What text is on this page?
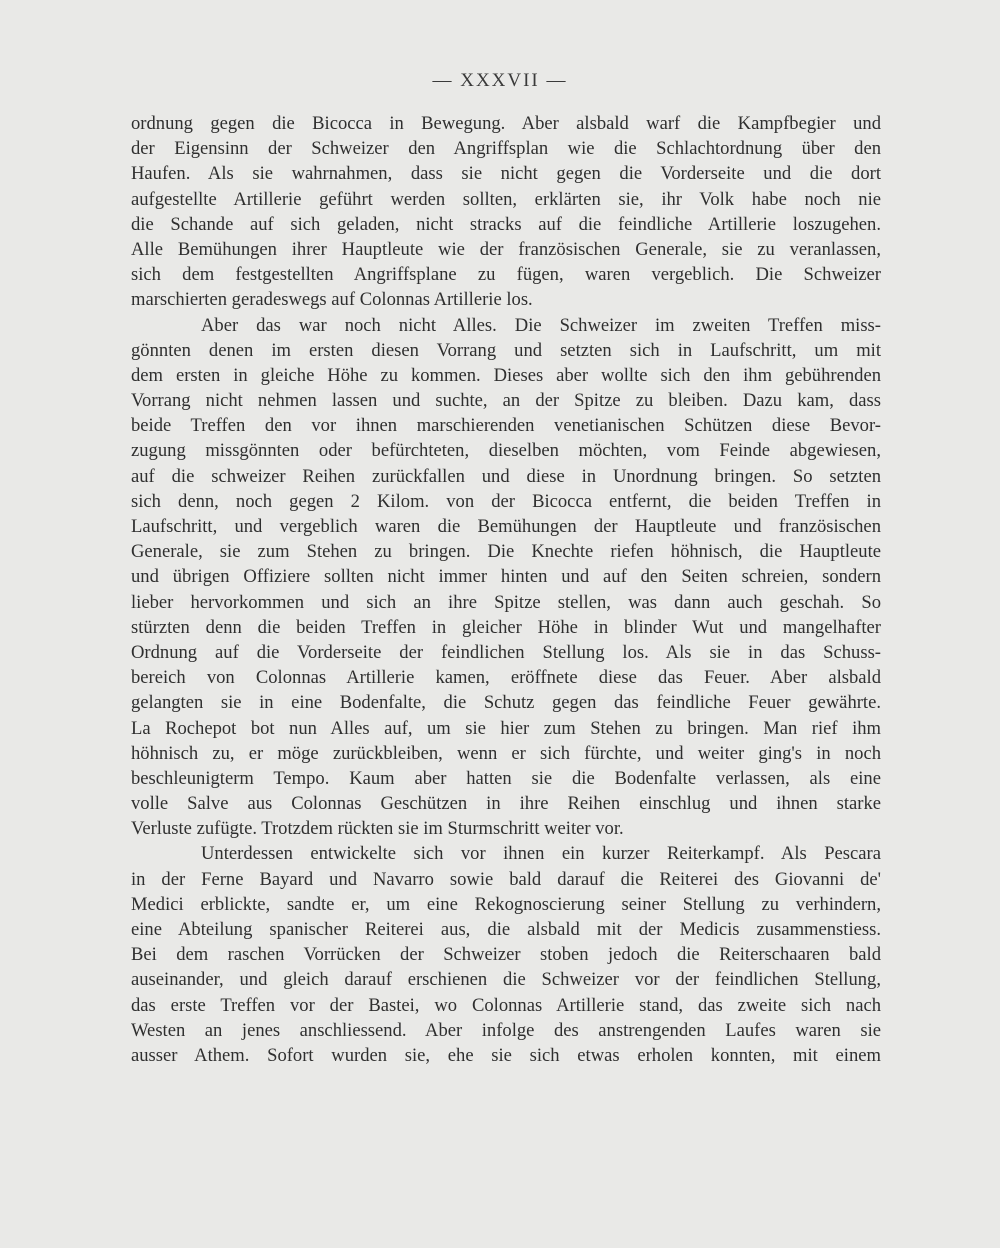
— XXXVII —
ordnung gegen die Bicocca in Bewegung. Aber alsbald warf die Kampfbegier und
der Eigensinn der Schweizer den Angriffsplan wie die Schlachtordnung über den
Haufen. Als sie wahrnahmen, dass sie nicht gegen die Vorderseite und die dort
aufgestellte Artillerie geführt werden sollten, erklärten sie, ihr Volk habe noch nie
die Schande auf sich geladen, nicht stracks auf die feindliche Artillerie loszugehen.
Alle Bemühungen ihrer Hauptleute wie der französischen Generale, sie zu veranlassen,
sich dem festgestellten Angriffsplane zu fügen, waren vergeblich. Die Schweizer
marschierten geradeswegs auf Colonnas Artillerie los.
Aber das war noch nicht Alles. Die Schweizer im zweiten Treffen miss-
gönnten denen im ersten diesen Vorrang und setzten sich in Laufschritt, um mit
dem ersten in gleiche Höhe zu kommen. Dieses aber wollte sich den ihm gebührenden
Vorrang nicht nehmen lassen und suchte, an der Spitze zu bleiben. Dazu kam, dass
beide Treffen den vor ihnen marschierenden venetianischen Schützen diese Bevor-
zugung missgönnten oder befürchteten, dieselben möchten, vom Feinde abgewiesen,
auf die schweizer Reihen zurückfallen und diese in Unordnung bringen. So setzten
sich denn, noch gegen 2 Kilom. von der Bicocca entfernt, die beiden Treffen in
Laufschritt, und vergeblich waren die Bemühungen der Hauptleute und französischen
Generale, sie zum Stehen zu bringen. Die Knechte riefen höhnisch, die Hauptleute
und übrigen Offiziere sollten nicht immer hinten und auf den Seiten schreien, sondern
lieber hervorkommen und sich an ihre Spitze stellen, was dann auch geschah. So
stürzten denn die beiden Treffen in gleicher Höhe in blinder Wut und mangelhafter
Ordnung auf die Vorderseite der feindlichen Stellung los. Als sie in das Schuss-
bereich von Colonnas Artillerie kamen, eröffnete diese das Feuer. Aber alsbald
gelangten sie in eine Bodenfalte, die Schutz gegen das feindliche Feuer gewährte.
La Rochepot bot nun Alles auf, um sie hier zum Stehen zu bringen. Man rief ihm
höhnisch zu, er möge zurückbleiben, wenn er sich fürchte, und weiter ging's in noch
beschleunigterm Tempo. Kaum aber hatten sie die Bodenfalte verlassen, als eine
volle Salve aus Colonnas Geschützen in ihre Reihen einschlug und ihnen starke
Verluste zufügte. Trotzdem rückten sie im Sturmschritt weiter vor.
Unterdessen entwickelte sich vor ihnen ein kurzer Reiterkampf. Als Pescara
in der Ferne Bayard und Navarro sowie bald darauf die Reiterei des Giovanni de'
Medici erblickte, sandte er, um eine Rekognoscierung seiner Stellung zu verhindern,
eine Abteilung spanischer Reiterei aus, die alsbald mit der Medicis zusammenstiess.
Bei dem raschen Vorrücken der Schweizer stoben jedoch die Reiterschaaren bald
auseinander, und gleich darauf erschienen die Schweizer vor der feindlichen Stellung,
das erste Treffen vor der Bastei, wo Colonnas Artillerie stand, das zweite sich nach
Westen an jenes anschliessend. Aber infolge des anstrengenden Laufes waren sie
ausser Athem. Sofort wurden sie, ehe sie sich etwas erholen konnten, mit einem
